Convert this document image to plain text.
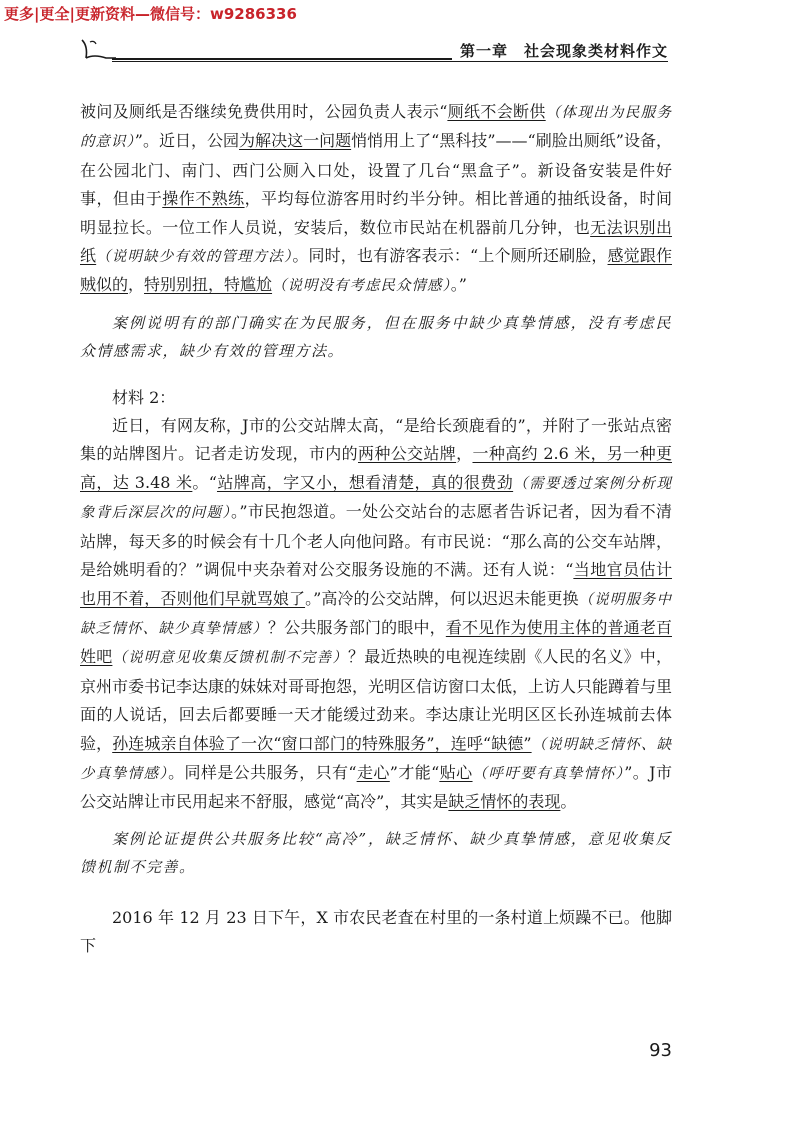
更多|更全|更新资料—微信号：w9286336
第一章　社会现象类材料作文

被问及厕纸是否继续免费供用时，公园负责人表示“厕纸不会断供（体现出为民服务的意识）”。近日，公园为解决这一问题悄悄用上了“黑科技”——“刷脸出厕纸”设备，在公园北门、南门、西门公厕入口处，设置了几台“黑盒子”。新设备安装是件好事，但由于操作不熟练，平均每位游客用时约半分钟。相比普通的抽纸设备，时间明显拉长。一位工作人员说，安装后，数位市民站在机器前几分钟，也无法识别出纸（说明缺少有效的管理方法）。同时，也有游客表示：“上个厕所还刷脸，感觉跟作贼似的，特别别扭，特尴尬（说明没有考虑民众情感）。”

案例说明有的部门确实在为民服务，但在服务中缺少真挚情感，没有考虑民众情感需求，缺少有效的管理方法。

材料 2：

近日，有网友称，J市的公交站牌太高，“是给长颈鹿看的”，并附了一张站点密集的站牌图片。记者走访发现，市内的两种公交站牌，一种高约 2.6 米，另一种更高，达 3.48 米。“站牌高，字又小，想看清楚，真的很费劲（需要透过案例分析现象背后深层次的问题）。”市民抱怨道。一处公交站台的志愿者告诉记者，因为看不清站牌，每天多的时候会有十几个老人向他问路。有市民说：“那么高的公交车站牌，是给姚明看的？”调侃中夹杂着对公交服务设施的不满。还有人说：“当地官员估计也用不着，否则他们早就骂娘了。”高冷的公交站牌，何以迟迟未能更换（说明服务中缺乏情怀、缺少真挚情感）？公共服务部门的眼中，看不见作为使用主体的普通老百姓吧（说明意见收集反馈机制不完善）？最近热映的电视连续剧《人民的名义》中，京州市委书记李达康的妹妹对哥哥抱怨，光明区信访窗口太低，上访人只能蹲着与里面的人说话，回去后都要睡一天才能缓过劲来。李达康让光明区区长孙连城前去体验，孙连城亲自体验了一次“窗口部门的特殊服务”，连呼“缺德”（说明缺乏情怀、缺少真挚情感）。同样是公共服务，只有“走心”才能“贴心（呼吁要有真挚情怀）”。J市公交站牌让市民用起来不舒服，感觉“高冷”，其实是缺乏情怀的表现。

案例论证提供公共服务比较“高冷”，缺乏情怀、缺少真挚情感，意见收集反馈机制不完善。

2016 年 12 月 23 日下午，X 市农民老査在村里的一条村道上烦躁不已。他脚下

93
